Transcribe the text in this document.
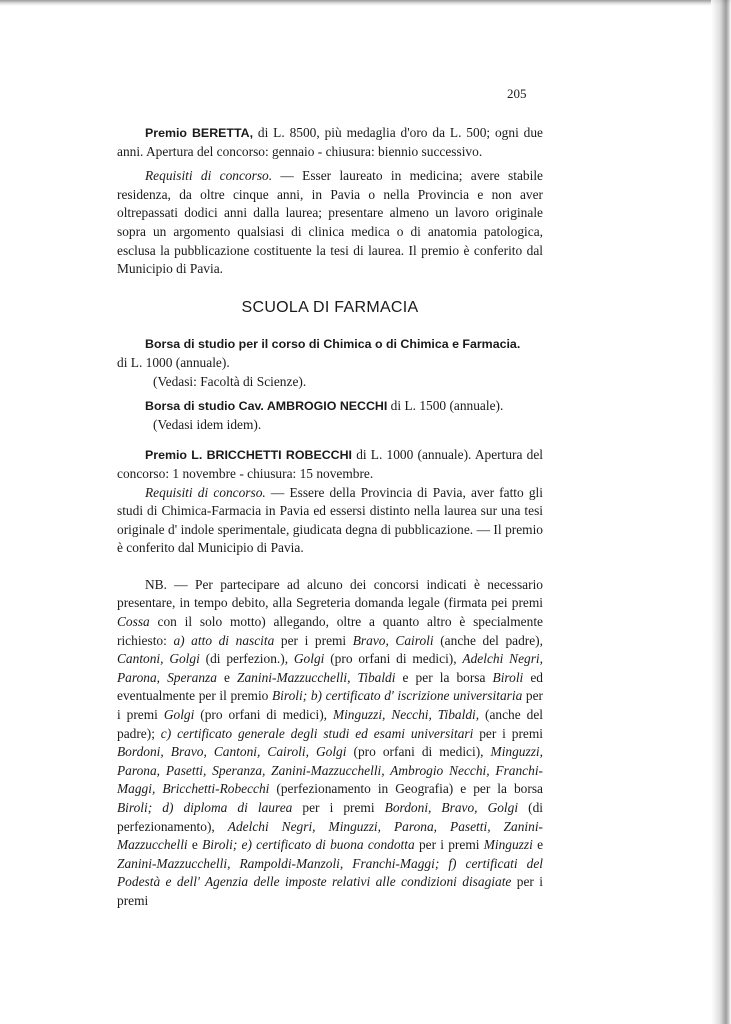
205

Premio BERETTA, di L. 8500, più medaglia d'oro da L. 500; ogni due anni. Apertura del concorso: gennaio - chiusura: biennio successivo.

Requisiti di concorso. — Esser laureato in medicina; avere stabile residenza, da oltre cinque anni, in Pavia o nella Provincia e non aver oltrepassati dodici anni dalla laurea; presentare almeno un lavoro originale sopra un argomento qualsiasi di clinica medica o di anatomia patologica, esclusa la pubblicazione costituente la tesi di laurea. Il premio è conferito dal Municipio di Pavia.

SCUOLA DI FARMACIA

Borsa di studio per il corso di Chimica o di Chimica e Farmacia.

di L. 1000 (annuale).

(Vedasi: Facoltà di Scienze).

Borsa di studio Cav. AMBROGIO NECCHI di L. 1500 (annuale).

(Vedasi idem idem).

Premio L. BRICCHETTI ROBECCHI di L. 1000 (annuale). Apertura del concorso: 1 novembre - chiusura: 15 novembre.

Requisiti di concorso. — Essere della Provincia di Pavia, aver fatto gli studi di Chimica-Farmacia in Pavia ed essersi distinto nella laurea sur una tesi originale d' indole sperimentale, giudicata degna di pubblicazione. — Il premio è conferito dal Municipio di Pavia.

NB. — Per partecipare ad alcuno dei concorsi indicati è necessario presentare, in tempo debito, alla Segreteria domanda legale (firmata pei premi Cossa con il solo motto) allegando, oltre a quanto altro è specialmente richiesto: a) atto di nascita per i premi Bravo, Cairoli (anche del padre), Cantoni, Golgi (di perfezion.), Golgi (pro orfani di medici), Adelchi Negri, Parona, Speranza e Zanini-Mazzucchelli, Tibaldi e per la borsa Biroli ed eventualmente per il premio Biroli; b) certificato d' iscrizione universitaria per i premi Golgi (pro orfani di medici), Minguzzi, Necchi, Tibaldi, (anche del padre); c) certificato generale degli studi ed esami universitari per i premi Bordoni, Bravo, Cantoni, Cairoli, Golgi (pro orfani di medici), Minguzzi, Parona, Pasetti, Speranza, Zanini-Mazzucchelli, Ambrogio Necchi, Franchi-Maggi, Bricchetti-Robecchi (perfezionamento in Geografia) e per la borsa Biroli; d) diploma di laurea per i premi Bordoni, Bravo, Golgi (di perfezionamento), Adelchi Negri, Minguzzi, Parona, Pasetti, Zanini-Mazzucchelli e Biroli; e) certificato di buona condotta per i premi Minguzzi e Zanini-Mazzucchelli, Rampoldi-Manzoli, Franchi-Maggi; f) certificati del Podestà e dell' Agenzia delle imposte relativi alle condizioni disagiate per i premi
